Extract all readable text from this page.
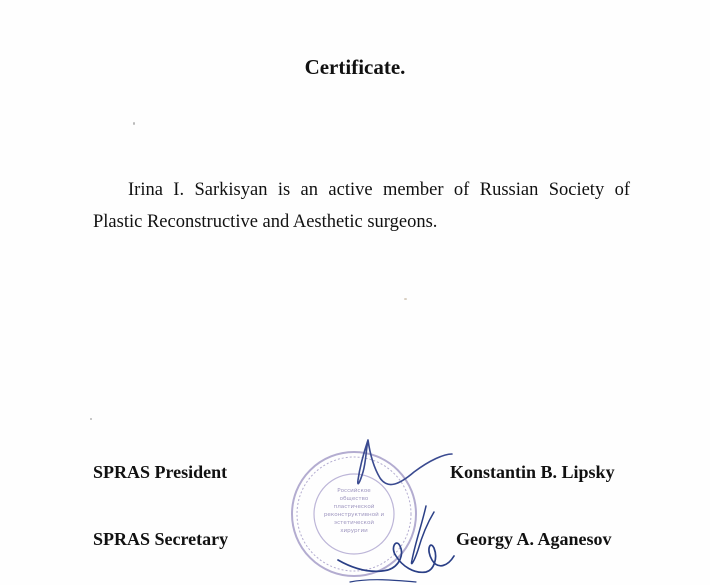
Certificate.
Irina I. Sarkisyan is an active member of Russian Society of
Plastic Reconstructive and Aesthetic surgeons.
Российское
общество
пластической
реконструктивной и
эстетической
хирургии
SPRAS President	Konstantin B. Lipsky
SPRAS Secretary	Georgy A. Aganesov
